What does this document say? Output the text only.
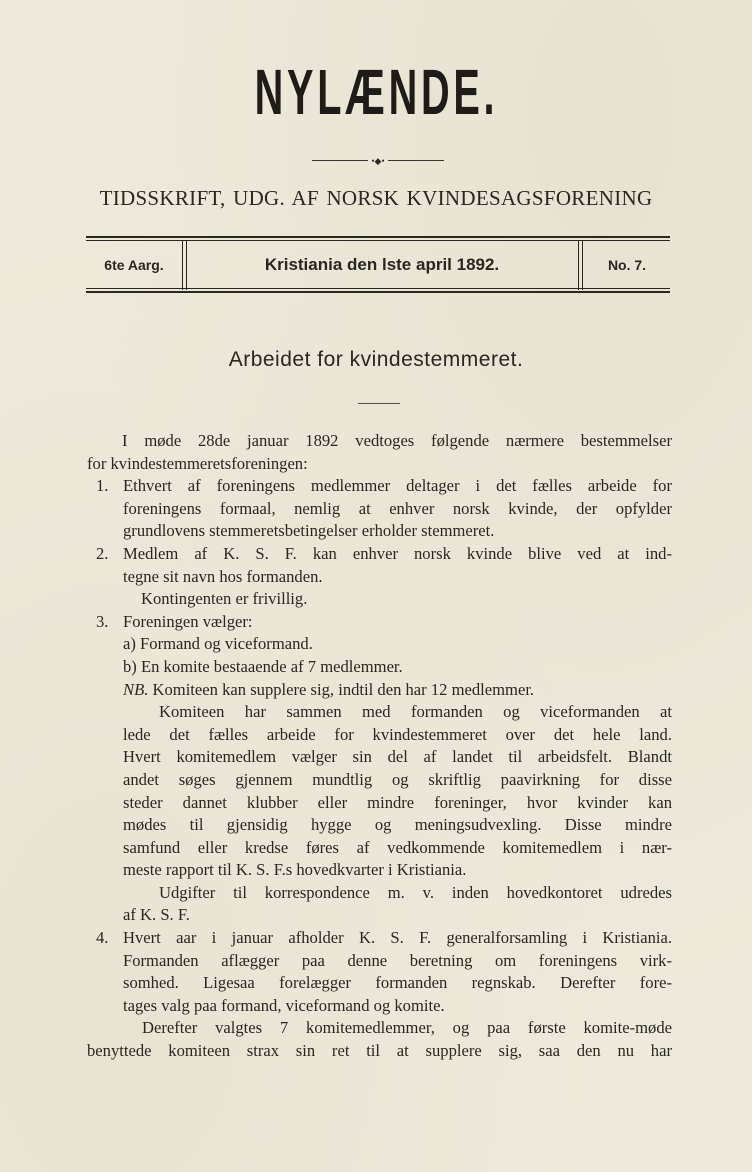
NYLÆNDE.
•◆•
TIDSSKRIFT, UDG. AF NORSK KVINDESAGSFORENING
6te Aarg.	Kristiania den lste april 1892.	No. 7.
Arbeidet for kvindestemmeret.

I møde 28de januar 1892 vedtoges følgende nærmere bestemmelser

for kvindestemmeretsforeningen:

1. Ethvert af foreningens medlemmer deltager i det fælles arbeide for

foreningens formaal, nemlig at enhver norsk kvinde, der opfylder

grundlovens stemmeretsbetingelser erholder stemmeret.

2. Medlem af K. S. F. kan enhver norsk kvinde blive ved at ind-

tegne sit navn hos formanden.

Kontingenten er frivillig.

3. Foreningen vælger:

a) Formand og viceformand.

b) En komite bestaaende af 7 medlemmer.

NB. Komiteen kan supplere sig, indtil den har 12 medlemmer.

Komiteen har sammen med formanden og viceformanden at

lede det fælles arbeide for kvindestemmeret over det hele land.

Hvert komitemedlem vælger sin del af landet til arbeidsfelt. Blandt

andet søges gjennem mundtlig og skriftlig paavirkning for disse

steder dannet klubber eller mindre foreninger, hvor kvinder kan

mødes til gjensidig hygge og meningsudvexling. Disse mindre

samfund eller kredse føres af vedkommende komitemedlem i nær-

meste rapport til K. S. F.s hovedkvarter i Kristiania.

Udgifter til korrespondence m. v. inden hovedkontoret udredes

af K. S. F.

4. Hvert aar i januar afholder K. S. F. generalforsamling i Kristiania.

Formanden aflægger paa denne beretning om foreningens virk-

somhed. Ligesaa forelægger formanden regnskab. Derefter fore-

tages valg paa formand, viceformand og komite.

Derefter valgtes 7 komitemedlemmer, og paa første komite-møde

benyttede komiteen strax sin ret til at supplere sig, saa den nu har
